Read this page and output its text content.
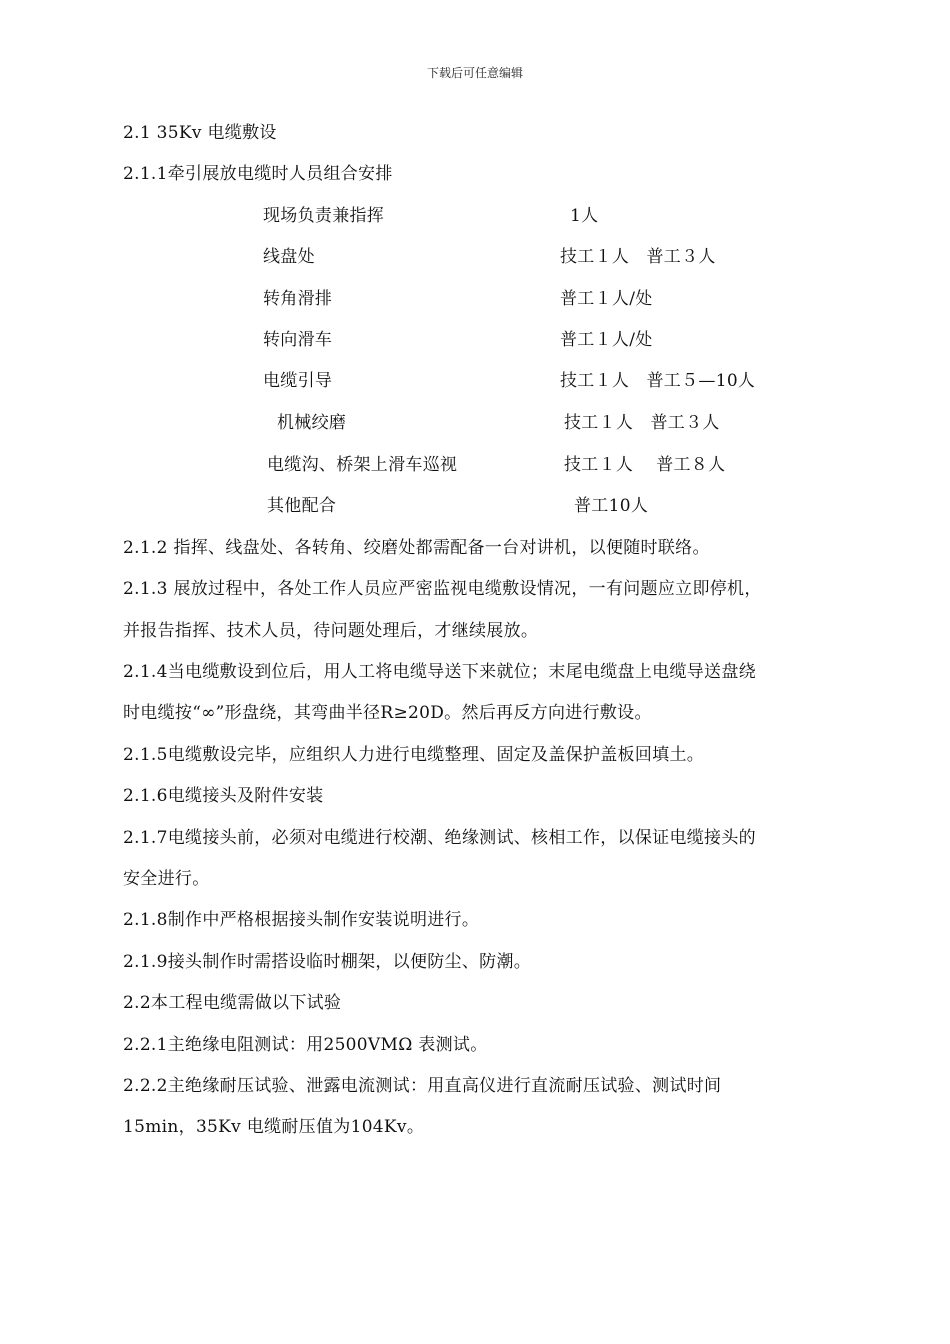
下载后可任意编辑
2.1 35Kv 电缆敷设
2.1.1牵引展放电缆时人员组合安排
现场负责兼指挥	1人
线盘处	技工１人　普工３人
转角滑排	普工１人/处
转向滑车	普工１人/处
电缆引导	技工１人　普工５—10人
机械绞磨	技工１人　普工３人
电缆沟、桥架上滑车巡视	技工１人　 普工８人
其他配合	普工10人
2.1.2 指挥、线盘处、各转角、绞磨处都需配备一台对讲机，以便随时联络。
2.1.3 展放过程中，各处工作人员应严密监视电缆敷设情况，一有问题应立即停机，
并报告指挥、技术人员，待问题处理后，才继续展放。
2.1.4当电缆敷设到位后，用人工将电缆导送下来就位；末尾电缆盘上电缆导送盘绕
时电缆按“∞”形盘绕，其弯曲半径R≥20D。然后再反方向进行敷设。
2.1.5电缆敷设完毕，应组织人力进行电缆整理、固定及盖保护盖板回填土。
2.1.6电缆接头及附件安装
2.1.7电缆接头前，必须对电缆进行校潮、绝缘测试、核相工作，以保证电缆接头的
安全进行。
2.1.8制作中严格根据接头制作安装说明进行。
2.1.9接头制作时需搭设临时棚架，以便防尘、防潮。
2.2本工程电缆需做以下试验
2.2.1主绝缘电阻测试：用2500VMΩ 表测试。
2.2.2主绝缘耐压试验、泄露电流测试：用直高仪进行直流耐压试验、测试时间
15min，35Kv 电缆耐压值为104Kv。
